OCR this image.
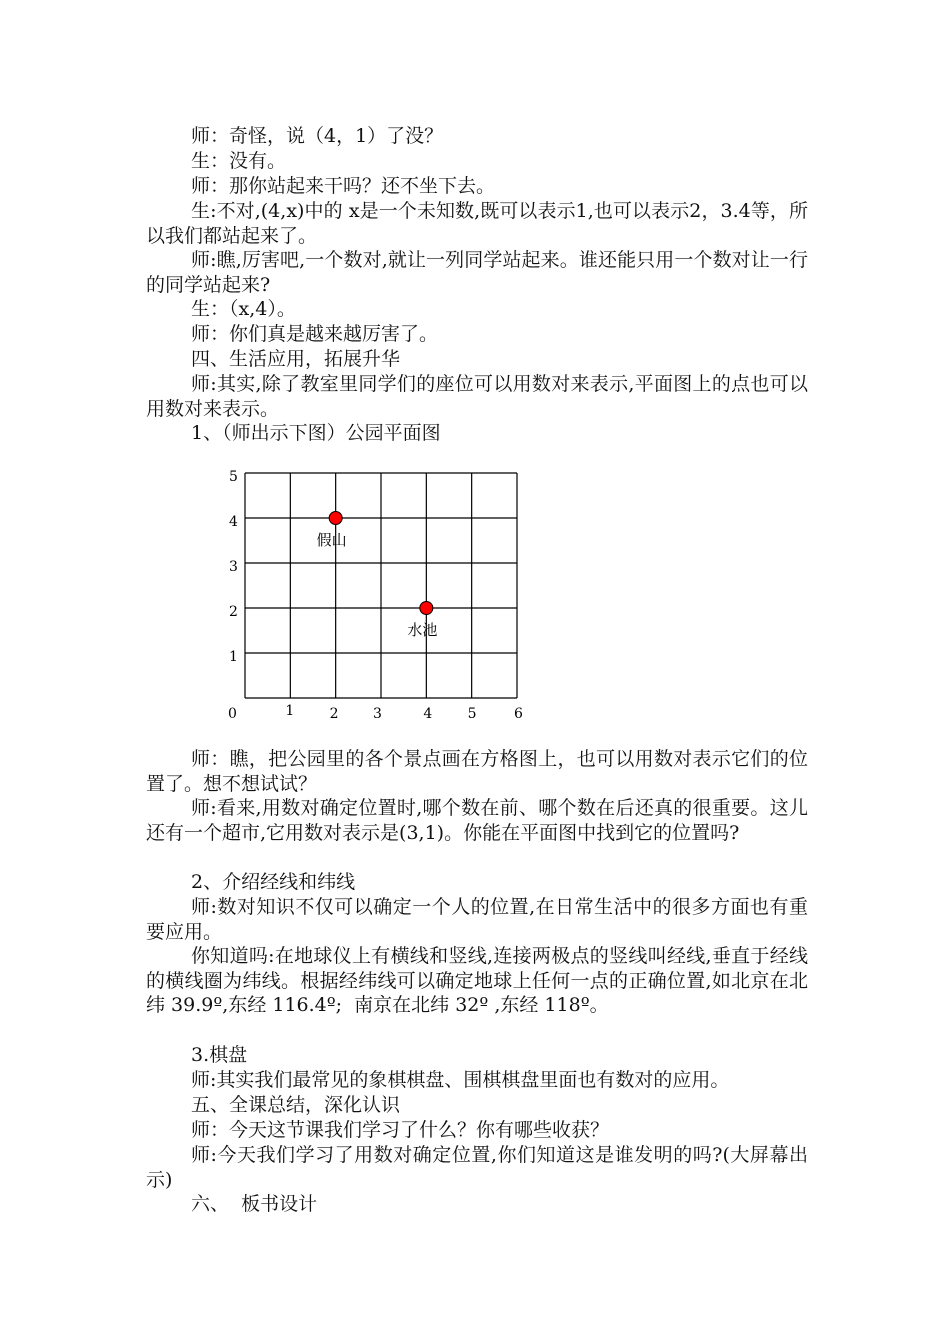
师：奇怪，说（4，1）了没？
生：没有。
师：那你站起来干吗？还不坐下去。
生:不对,(4,x)中的 x是一个未知数,既可以表示1,也可以表示2，3.4等，所以我们都站起来了。
师:瞧,厉害吧,一个数对,就让一列同学站起来。谁还能只用一个数对让一行的同学站起来?
生：（x,4）。
师：你们真是越来越厉害了。
四、生活应用，拓展升华
师:其实,除了教室里同学们的座位可以用数对来表示,平面图上的点也可以用数对来表示。
1、（师出示下图）公园平面图
5
4
3
2
1
0	1	2 3	4	5	6
假山
水池
师：瞧，把公园里的各个景点画在方格图上，也可以用数对表示它们的位置了。想不想试试？
师:看来,用数对确定位置时,哪个数在前、哪个数在后还真的很重要。这儿还有一个超市,它用数对表示是(3,1)。你能在平面图中找到它的位置吗?
2、介绍经线和纬线
师:数对知识不仅可以确定一个人的位置,在日常生活中的很多方面也有重要应用。
你知道吗:在地球仪上有横线和竖线,连接两极点的竖线叫经线,垂直于经线的横线圈为纬线。根据经纬线可以确定地球上任何一点的正确位置,如北京在北纬 39.9º,东经 116.4º;  南京在北纬 32º ,东经 118º。
3.棋盘
师:其实我们最常见的象棋棋盘、围棋棋盘里面也有数对的应用。
五、全课总结，深化认识
师：今天这节课我们学习了什么？你有哪些收获？
师:今天我们学习了用数对确定位置,你们知道这是谁发明的吗?(大屏幕出示)
六、  板书设计
